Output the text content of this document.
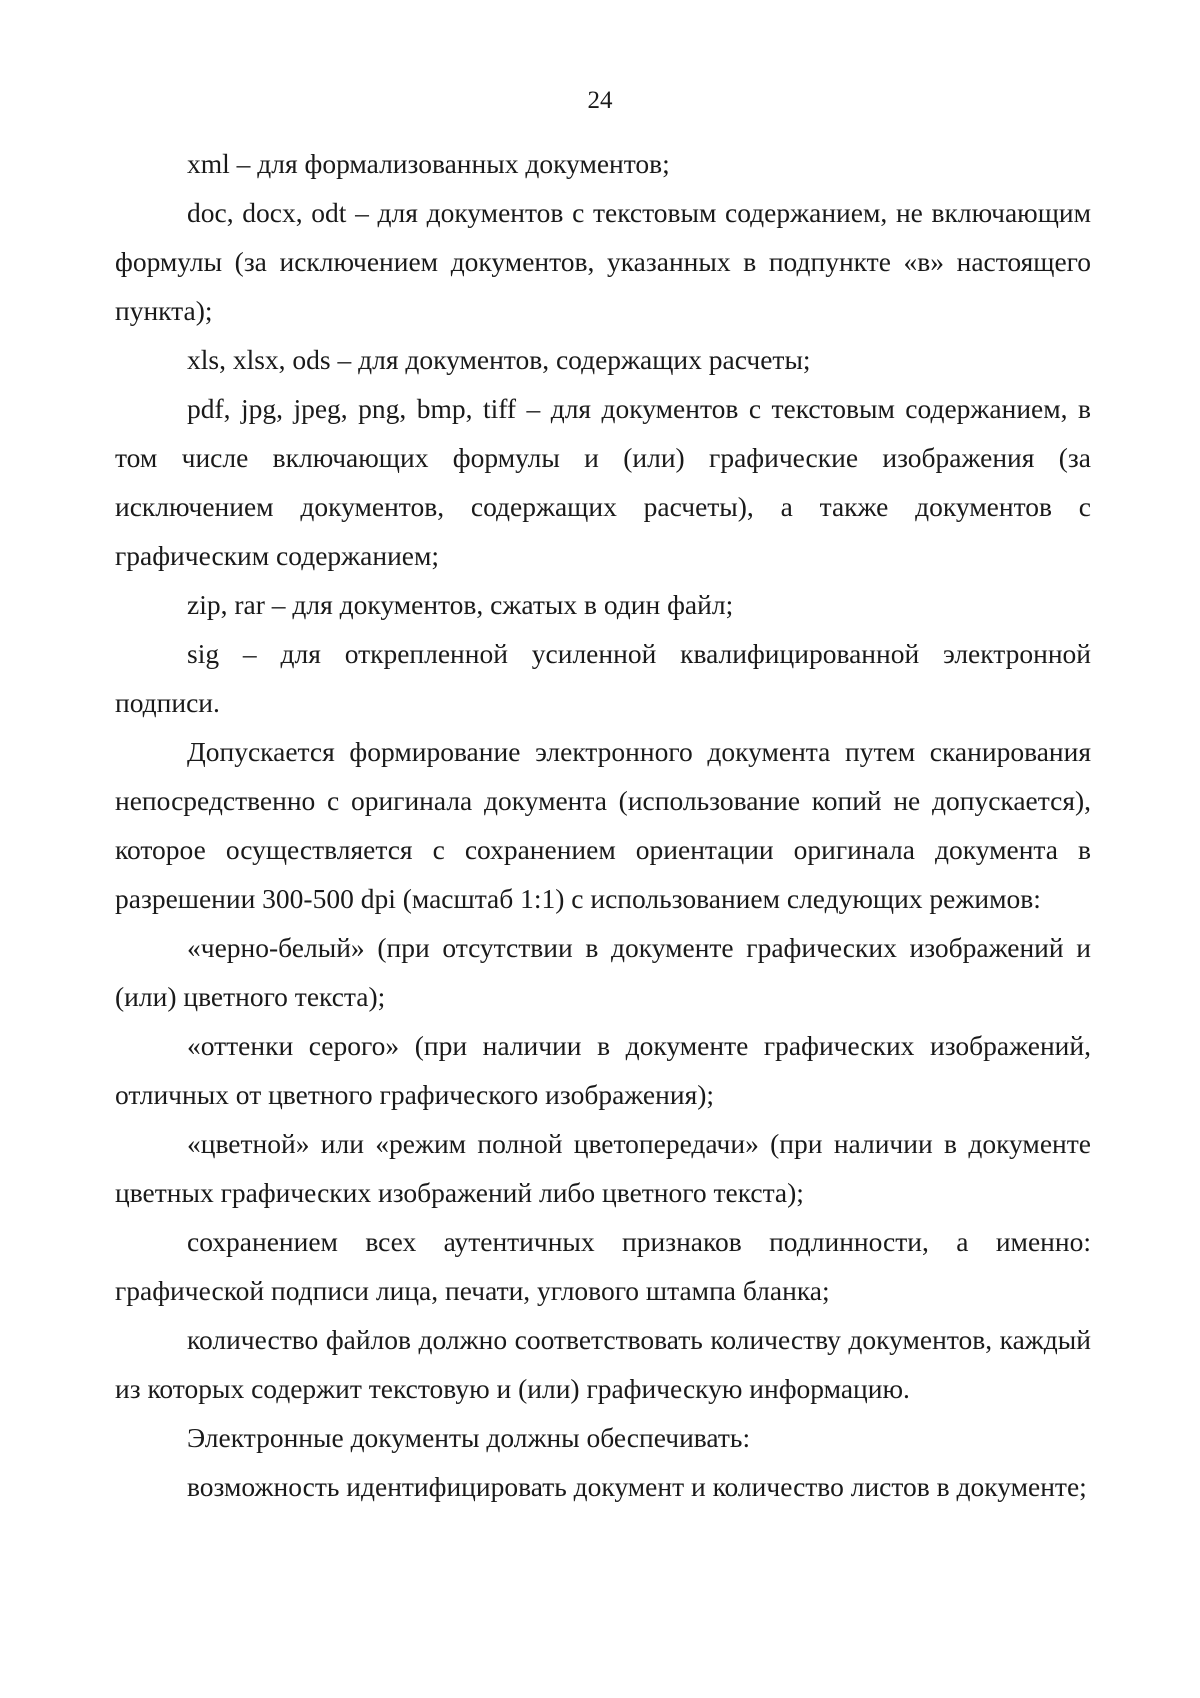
24

xml – для формализованных документов;

doc, docx, odt – для документов с текстовым содержанием, не включающим формулы (за исключением документов, указанных в подпункте «в» настоящего пункта);

xls, xlsx, ods – для документов, содержащих расчеты;

pdf, jpg, jpeg, png, bmp, tiff – для документов с текстовым содержанием, в том числе включающих формулы и (или) графические изображения (за исключением документов, содержащих расчеты), а также документов с графическим содержанием;

zip, rar – для документов, сжатых в один файл;

sig – для открепленной усиленной квалифицированной электронной подписи.

Допускается формирование электронного документа путем сканирования непосредственно с оригинала документа (использование копий не допускается), которое осуществляется с сохранением ориентации оригинала документа в разрешении 300-500 dpi (масштаб 1:1) с использованием следующих режимов:

«черно-белый» (при отсутствии в документе графических изображений и (или) цветного текста);

«оттенки серого» (при наличии в документе графических изображений, отличных от цветного графического изображения);

«цветной» или «режим полной цветопередачи» (при наличии в документе цветных графических изображений либо цветного текста);

сохранением всех аутентичных признаков подлинности, а именно: графической подписи лица, печати, углового штампа бланка;

количество файлов должно соответствовать количеству документов, каждый из которых содержит текстовую и (или) графическую информацию.

Электронные документы должны обеспечивать:

возможность идентифицировать документ и количество листов в документе;
